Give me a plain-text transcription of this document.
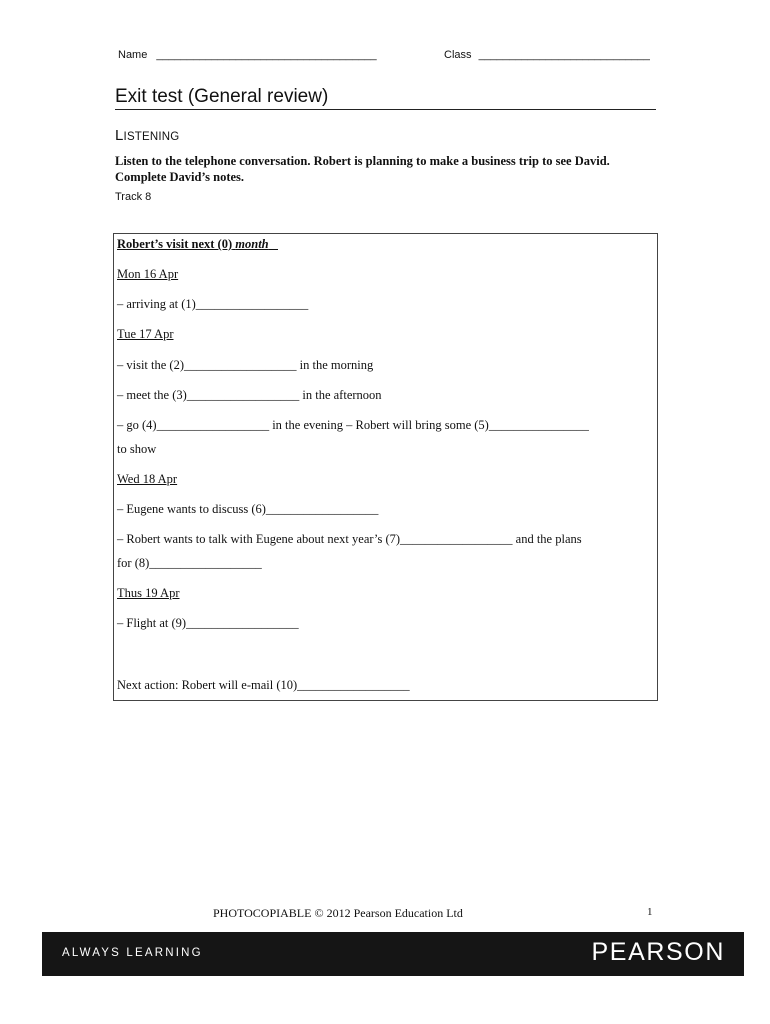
Name ____________________________________	Class ____________________________
Exit test (General review)
LISTENING
Listen to the telephone conversation. Robert is planning to make a business trip to see David. Complete David’s notes.
Track 8
Robert’s visit next (0) month
Mon 16 Apr
– arriving at (1)__________________
Tue 17 Apr
– visit the (2)__________________ in the morning
– meet the (3)__________________ in the afternoon
– go (4)__________________ in the evening – Robert will bring some (5)________________
to show
Wed 18 Apr
– Eugene wants to discuss (6)__________________
– Robert wants to talk with Eugene about next year’s (7)__________________ and the plans
for (8)__________________
Thus 19 Apr
– Flight at (9)__________________
Next action: Robert will e-mail (10)__________________
PHOTOCOPIABLE © 2012 Pearson Education Ltd	1
ALWAYS LEARNING	PEARSON
